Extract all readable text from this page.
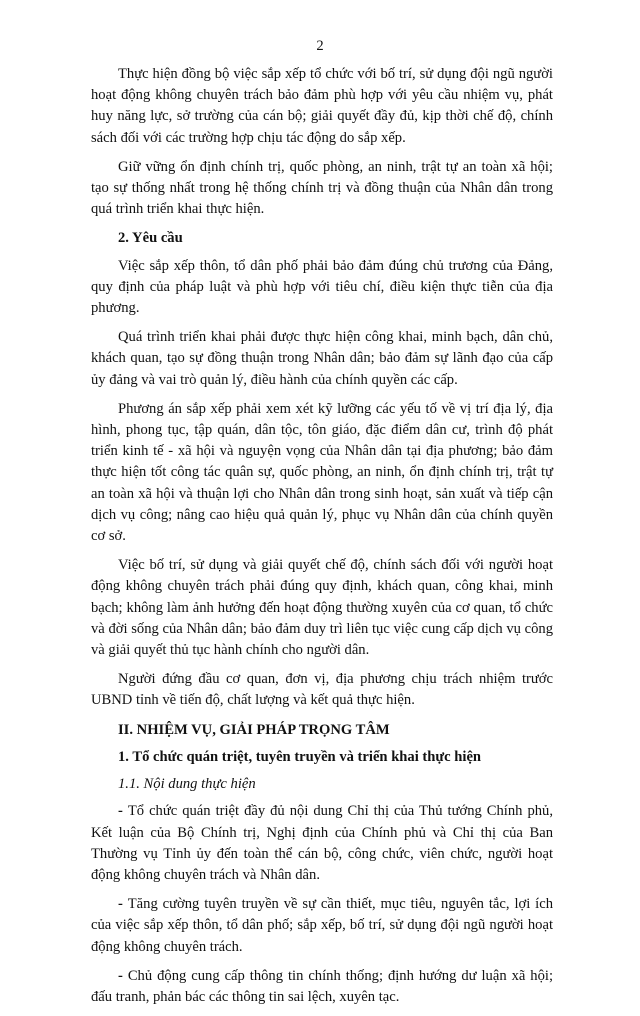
2

Thực hiện đồng bộ việc sắp xếp tổ chức với bố trí, sử dụng đội ngũ người hoạt động không chuyên trách bảo đảm phù hợp với yêu cầu nhiệm vụ, phát huy năng lực, sở trường của cán bộ; giải quyết đầy đủ, kịp thời chế độ, chính sách đối với các trường hợp chịu tác động do sắp xếp.

Giữ vững ổn định chính trị, quốc phòng, an ninh, trật tự an toàn xã hội; tạo sự thống nhất trong hệ thống chính trị và đồng thuận của Nhân dân trong quá trình triển khai thực hiện.

2. Yêu cầu

Việc sắp xếp thôn, tổ dân phố phải bảo đảm đúng chủ trương của Đảng, quy định của pháp luật và phù hợp với tiêu chí, điều kiện thực tiễn của địa phương.

Quá trình triển khai phải được thực hiện công khai, minh bạch, dân chủ, khách quan, tạo sự đồng thuận trong Nhân dân; bảo đảm sự lãnh đạo của cấp ủy đảng và vai trò quản lý, điều hành của chính quyền các cấp.

Phương án sắp xếp phải xem xét kỹ lưỡng các yếu tố về vị trí địa lý, địa hình, phong tục, tập quán, dân tộc, tôn giáo, đặc điểm dân cư, trình độ phát triển kinh tế - xã hội và nguyện vọng của Nhân dân tại địa phương; bảo đảm thực hiện tốt công tác quân sự, quốc phòng, an ninh, ổn định chính trị, trật tự an toàn xã hội và thuận lợi cho Nhân dân trong sinh hoạt, sản xuất và tiếp cận dịch vụ công; nâng cao hiệu quả quản lý, phục vụ Nhân dân của chính quyền cơ sở.

Việc bố trí, sử dụng và giải quyết chế độ, chính sách đối với người hoạt động không chuyên trách phải đúng quy định, khách quan, công khai, minh bạch; không làm ảnh hưởng đến hoạt động thường xuyên của cơ quan, tổ chức và đời sống của Nhân dân; bảo đảm duy trì liên tục việc cung cấp dịch vụ công và giải quyết thủ tục hành chính cho người dân.

Người đứng đầu cơ quan, đơn vị, địa phương chịu trách nhiệm trước UBND tỉnh về tiến độ, chất lượng và kết quả thực hiện.

II. NHIỆM VỤ, GIẢI PHÁP TRỌNG TÂM
1. Tổ chức quán triệt, tuyên truyền và triển khai thực hiện
1.1. Nội dung thực hiện

- Tổ chức quán triệt đầy đủ nội dung Chỉ thị của Thủ tướng Chính phủ, Kết luận của Bộ Chính trị, Nghị định của Chính phủ và Chỉ thị của Ban Thường vụ Tỉnh ủy đến toàn thể cán bộ, công chức, viên chức, người hoạt động không chuyên trách và Nhân dân.

- Tăng cường tuyên truyền về sự cần thiết, mục tiêu, nguyên tắc, lợi ích của việc sắp xếp thôn, tổ dân phố; sắp xếp, bố trí, sử dụng đội ngũ người hoạt động không chuyên trách.

- Chủ động cung cấp thông tin chính thống; định hướng dư luận xã hội; đấu tranh, phản bác các thông tin sai lệch, xuyên tạc.
